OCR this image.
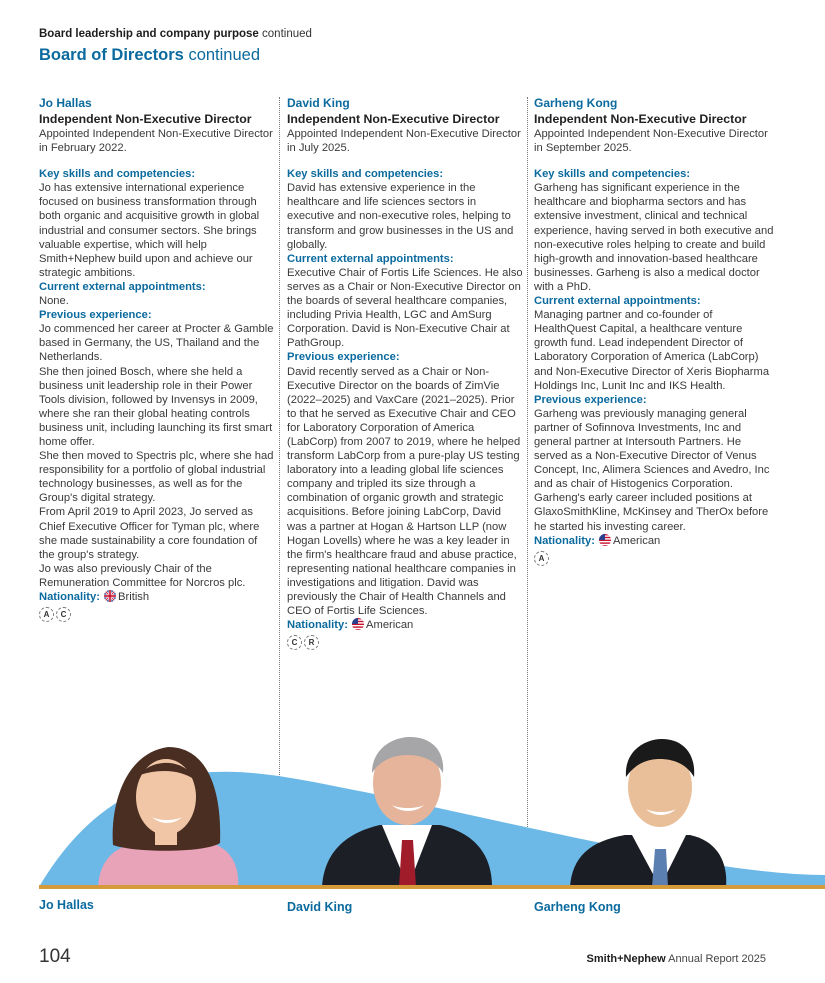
Board leadership and company purpose continued
Board of Directors continued

Jo Hallas

Independent Non-Executive Director

Appointed Independent Non-Executive Director in February 2022.

Key skills and competencies:

Jo has extensive international experience focused on business transformation through both organic and acquisitive growth in global industrial and consumer sectors. She brings valuable expertise, which will help Smith+Nephew build upon and achieve our strategic ambitions.

Current external appointments:

None.

Previous experience:

Jo commenced her career at Procter & Gamble based in Germany, the US, Thailand and the Netherlands.

She then joined Bosch, where she held a business unit leadership role in their Power Tools division, followed by Invensys in 2009, where she ran their global heating controls business unit, including launching its first smart home offer.

She then moved to Spectris plc, where she had responsibility for a portfolio of global industrial technology businesses, as well as for the Group's digital strategy.

From April 2019 to April 2023, Jo served as Chief Executive Officer for Tyman plc, where she made sustainability a core foundation of the group's strategy.

Jo was also previously Chair of the Remuneration Committee for Norcros plc.

Nationality: British

A C

David King

Independent Non-Executive Director

Appointed Independent Non-Executive Director in July 2025.

Key skills and competencies:

David has extensive experience in the healthcare and life sciences sectors in executive and non-executive roles, helping to transform and grow businesses in the US and globally.

Current external appointments:

Executive Chair of Fortis Life Sciences. He also serves as a Chair or Non-Executive Director on the boards of several healthcare companies, including Privia Health, LGC and AmSurg Corporation. David is Non-Executive Chair at PathGroup.

Previous experience:

David recently served as a Chair or Non-Executive Director on the boards of ZimVie (2022–2025) and VaxCare (2021–2025). Prior to that he served as Executive Chair and CEO for Laboratory Corporation of America (LabCorp) from 2007 to 2019, where he helped transform LabCorp from a pure-play US testing laboratory into a leading global life sciences company and tripled its size through a combination of organic growth and strategic acquisitions. Before joining LabCorp, David was a partner at Hogan & Hartson LLP (now Hogan Lovells) where he was a key leader in the firm's healthcare fraud and abuse practice, representing national healthcare companies in investigations and litigation. David was previously the Chair of Health Channels and CEO of Fortis Life Sciences.

Nationality: American

C R

Garheng Kong

Independent Non-Executive Director

Appointed Independent Non-Executive Director in September 2025.

Key skills and competencies:

Garheng has significant experience in the healthcare and biopharma sectors and has extensive investment, clinical and technical experience, having served in both executive and non-executive roles helping to create and build high-growth and innovation-based healthcare businesses. Garheng is also a medical doctor with a PhD.

Current external appointments:

Managing partner and co-founder of HealthQuest Capital, a healthcare venture growth fund. Lead independent Director of Laboratory Corporation of America (LabCorp) and Non-Executive Director of Xeris Biopharma Holdings Inc, Lunit Inc and IKS Health.

Previous experience:

Garheng was previously managing general partner of Sofinnova Investments, Inc and general partner at Intersouth Partners. He served as a Non-Executive Director of Venus Concept, Inc, Alimera Sciences and Avedro, Inc and as chair of Histogenics Corporation. Garheng's early career included positions at GlaxoSmithKline, McKinsey and TherOx before he started his investing career.

Nationality: American

A
Jo Hallas	David King	Garheng Kong
104	Smith+Nephew Annual Report 2025
